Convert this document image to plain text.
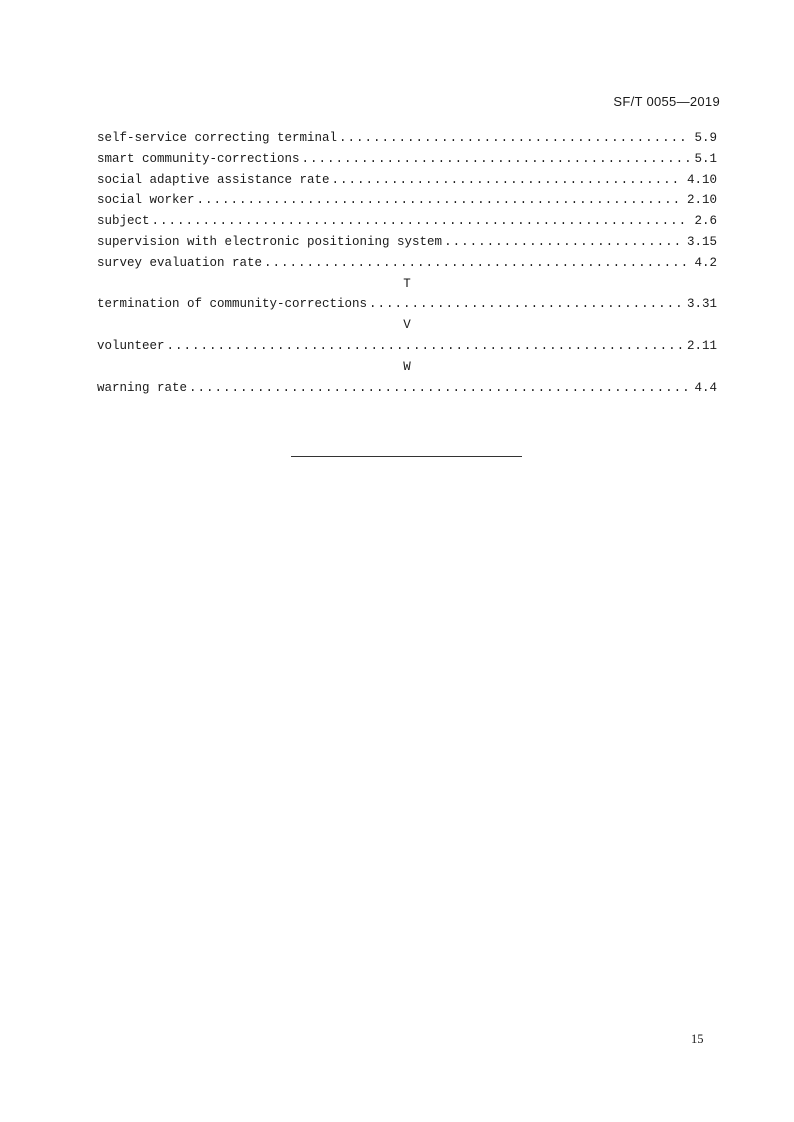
SF/T 0055—2019
self-service correcting terminal .....	5.9
smart community-corrections .....	5.1
social adaptive assistance rate .....	4.10
social worker .....	2.10
subject .....	2.6
supervision with electronic positioning system .....	3.15
survey evaluation rate .....	4.2
T
termination of community-corrections .....	3.31
V
volunteer .....	2.11
W
warning rate .....	4.4
15
